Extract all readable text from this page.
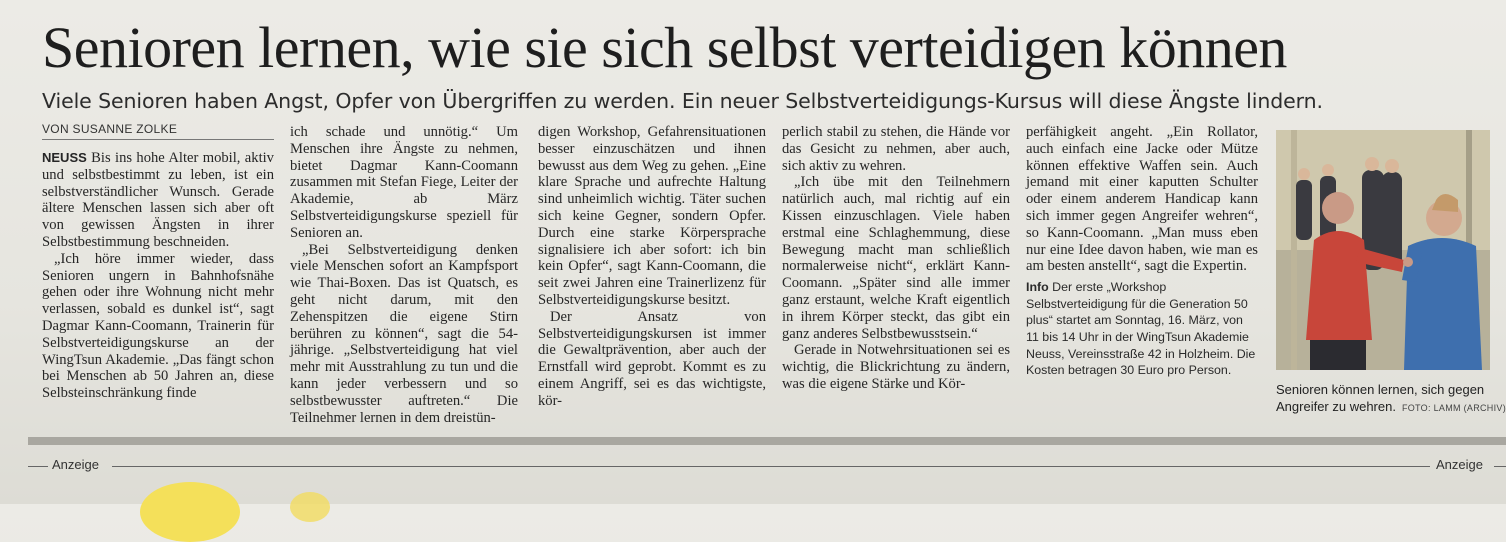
Senioren lernen, wie sie sich selbst verteidigen können
Viele Senioren haben Angst, Opfer von Übergriffen zu werden. Ein neuer Selbstverteidigungs-Kursus will diese Ängste lindern.
VON SUSANNE ZOLKE

NEUSS Bis ins hohe Alter mobil, aktiv und selbstbestimmt zu leben, ist ein selbstverständlicher Wunsch. Gerade ältere Menschen lassen sich aber oft von gewissen Ängsten in ihrer Selbstbestimmung beschneiden.

„Ich höre immer wieder, dass Senioren ungern in Bahnhofsnähe gehen oder ihre Wohnung nicht mehr verlassen, sobald es dunkel ist“, sagt Dagmar Kann-Coomann, Trainerin für Selbstverteidigungskurse an der WingTsun Akademie. „Das fängt schon bei Menschen ab 50 Jahren an, diese Selbsteinschränkung finde

ich schade und unnötig.“ Um Menschen ihre Ängste zu nehmen, bietet Dagmar Kann-Coomann zusammen mit Stefan Fiege, Leiter der Akademie, ab März Selbstverteidigungskurse speziell für Senioren an.

„Bei Selbstverteidigung denken viele Menschen sofort an Kampfsport wie Thai-Boxen. Das ist Quatsch, es geht nicht darum, mit den Zehenspitzen die eigene Stirn berühren zu können“, sagt die 54-jährige. „Selbstverteidigung hat viel mehr mit Ausstrahlung zu tun und die kann jeder verbessern und so selbstbewusster auftreten.“ Die Teilnehmer lernen in dem dreistün-

digen Workshop, Gefahrensituationen besser einzuschätzen und ihnen bewusst aus dem Weg zu gehen. „Eine klare Sprache und aufrechte Haltung sind unheimlich wichtig. Täter suchen sich keine Gegner, sondern Opfer. Durch eine starke Körpersprache signalisiere ich aber sofort: ich bin kein Opfer“, sagt Kann-Coomann, die seit zwei Jahren eine Trainerlizenz für Selbstverteidigungskurse besitzt.

Der Ansatz von Selbstverteidigungskursen ist immer die Gewaltprävention, aber auch der Ernstfall wird geprobt. Kommt es zu einem Angriff, sei es das wichtigste, kör-

perlich stabil zu stehen, die Hände vor das Gesicht zu nehmen, aber auch, sich aktiv zu wehren.

„Ich übe mit den Teilnehmern natürlich auch, mal richtig auf ein Kissen einzuschlagen. Viele haben erstmal eine Schlaghemmung, diese Bewegung macht man schließlich normalerweise nicht“, erklärt Kann-Coomann. „Später sind alle immer ganz erstaunt, welche Kraft eigentlich in ihrem Körper steckt, das gibt ein ganz anderes Selbstbewusstsein.“

Gerade in Notwehrsituationen sei es wichtig, die Blickrichtung zu ändern, was die eigene Stärke und Kör-

perfähigkeit angeht. „Ein Rollator, auch einfach eine Jacke oder Mütze können effektive Waffen sein. Auch jemand mit einer kaputten Schulter oder einem anderem Handicap kann sich immer gegen Angreifer wehren“, so Kann-Coomann. „Man muss eben nur eine Idee davon haben, wie man es am besten anstellt“, sagt die Expertin.

Info Der erste „Workshop Selbstverteidigung für die Generation 50 plus“ startet am Sonntag, 16. März, von 11 bis 14 Uhr in der WingTsun Akademie Neuss, Vereinsstraße 42 in Holzheim. Die Kosten betragen 30 Euro pro Person.
Senioren können lernen, sich gegen Angreifer zu wehren. FOTO: LAMM (ARCHIV)
Anzeige	Anzeige
